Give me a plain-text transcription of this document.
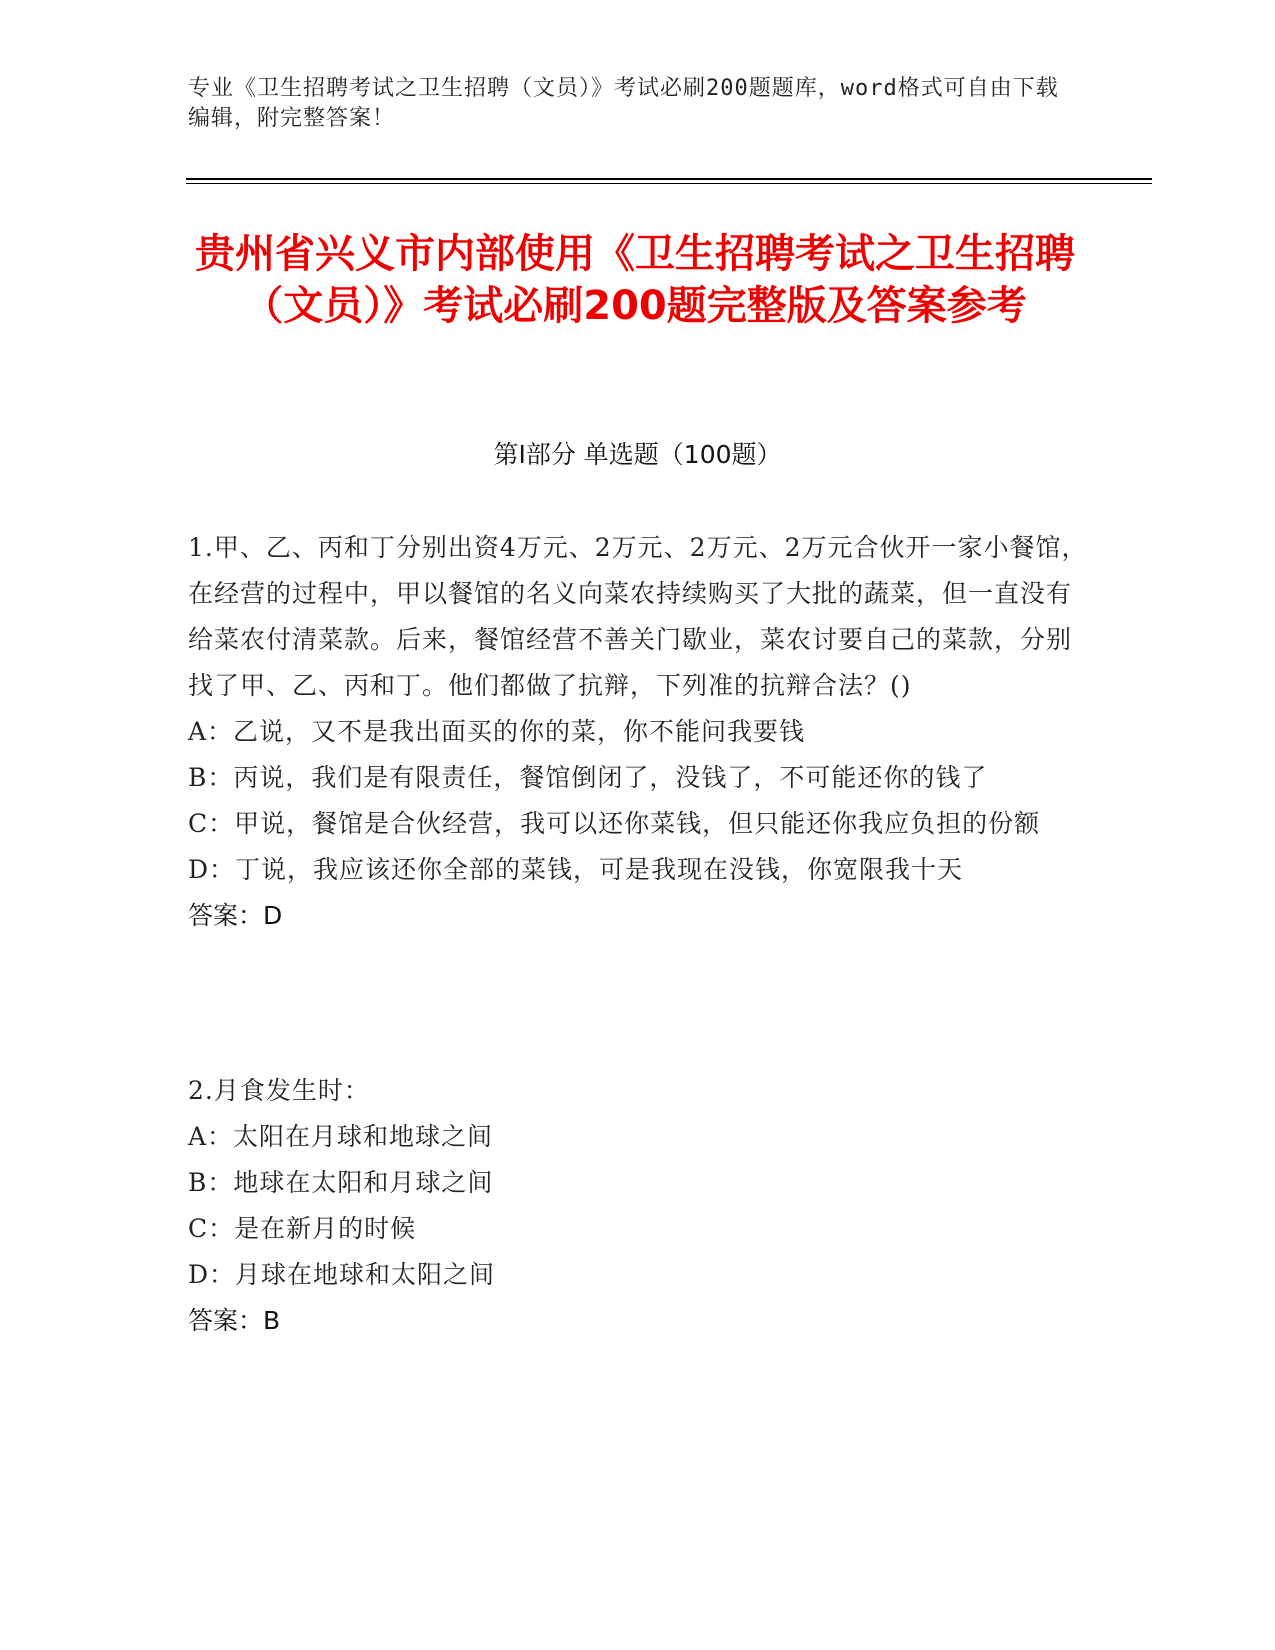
专业《卫生招聘考试之卫生招聘（文员）》考试必刷200题题库，word格式可自由下载编辑，附完整答案！
贵州省兴义市内部使用《卫生招聘考试之卫生招聘（文员）》考试必刷200题完整版及答案参考
第Ⅰ部分 单选题（100题）
1.甲、乙、丙和丁分别出资4万元、2万元、2万元、2万元合伙开一家小餐馆，在经营的过程中，甲以餐馆的名义向菜农持续购买了大批的蔬菜，但一直没有给菜农付清菜款。后来，餐馆经营不善关门歇业，菜农讨要自己的菜款，分别找了甲、乙、丙和丁。他们都做了抗辩，下列准的抗辩合法？()
A：乙说，又不是我出面买的你的菜，你不能问我要钱
B：丙说，我们是有限责任，餐馆倒闭了，没钱了，不可能还你的钱了
C：甲说，餐馆是合伙经营，我可以还你菜钱，但只能还你我应负担的份额
D：丁说，我应该还你全部的菜钱，可是我现在没钱，你宽限我十天
答案：D
2.月食发生时：
A：太阳在月球和地球之间
B：地球在太阳和月球之间
C：是在新月的时候
D：月球在地球和太阳之间
答案：B
